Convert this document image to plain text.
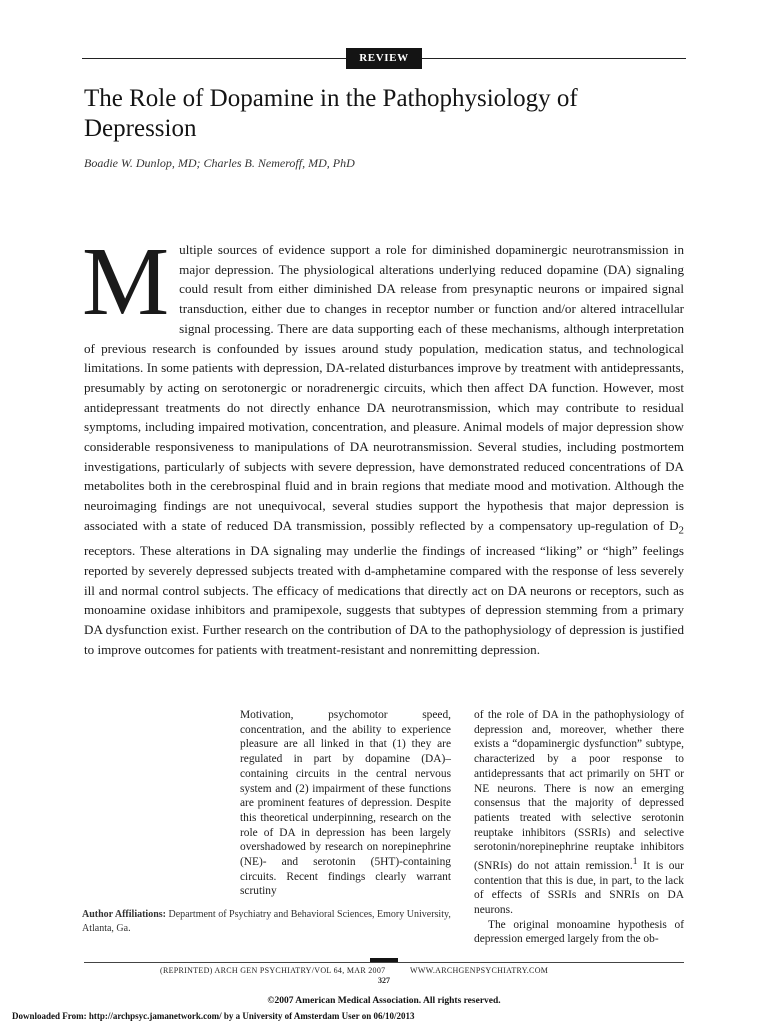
REVIEW
The Role of Dopamine in the Pathophysiology of Depression
Boadie W. Dunlop, MD; Charles B. Nemeroff, MD, PhD

Multiple sources of evidence support a role for diminished dopaminergic neurotransmission in major depression. The physiological alterations underlying reduced dopamine (DA) signaling could result from either diminished DA release from presynaptic neurons or impaired signal transduction, either due to changes in receptor number or function and/or altered intracellular signal processing. There are data supporting each of these mechanisms, although interpretation of previous research is confounded by issues around study population, medication status, and technological limitations. In some patients with depression, DA-related disturbances improve by treatment with antidepressants, presumably by acting on serotonergic or noradrenergic circuits, which then affect DA function. However, most antidepressant treatments do not directly enhance DA neurotransmission, which may contribute to residual symptoms, including impaired motivation, concentration, and pleasure. Animal models of major depression show considerable responsiveness to manipulations of DA neurotransmission. Several studies, including postmortem investigations, particularly of subjects with severe depression, have demonstrated reduced concentrations of DA metabolites both in the cerebrospinal fluid and in brain regions that mediate mood and motivation. Although the neuroimaging findings are not unequivocal, several studies support the hypothesis that major depression is associated with a state of reduced DA transmission, possibly reflected by a compensatory up-regulation of $D_2$ receptors. These alterations in DA signaling may underlie the findings of increased “liking” or “high” feelings reported by severely depressed subjects treated with d-amphetamine compared with the response of less severely ill and normal control subjects. The efficacy of medications that directly act on DA neurons or receptors, such as monoamine oxidase inhibitors and pramipexole, suggests that subtypes of depression stemming from a primary DA dysfunction exist. Further research on the contribution of DA to the pathophysiology of depression is justified to improve outcomes for patients with treatment-resistant and nonremitting depression.

Motivation, psychomotor speed, concentration, and the ability to experience pleasure are all linked in that (1) they are regulated in part by dopamine (DA)–containing circuits in the central nervous system and (2) impairment of these functions are prominent features of depression. Despite this theoretical underpinning, research on the role of DA in depression has been largely overshadowed by research on norepinephrine (NE)- and serotonin (5HT)-containing circuits. Recent findings clearly warrant scrutiny

of the role of DA in the pathophysiology of depression and, moreover, whether there exists a “dopaminergic dysfunction” subtype, characterized by a poor response to antidepressants that act primarily on 5HT or NE neurons. There is now an emerging consensus that the majority of depressed patients treated with selective serotonin reuptake inhibitors (SSRIs) and selective serotonin/norepinephrine reuptake inhibitors (SNRIs) do not attain remission.$^1$ It is our contention that this is due, in part, to the lack of effects of SSRIs and SNRIs on DA neurons.

The original monoamine hypothesis of depression emerged largely from the ob-

Author Affiliations: Department of Psychiatry and Behavioral Sciences, Emory University, Atlanta, Ga.
(REPRINTED) ARCH GEN PSYCHIATRY/VOL 64, MAR 2007	WWW.ARCHGENPSYCHIATRY.COM
327
©2007 American Medical Association. All rights reserved.
Downloaded From: http://archpsyc.jamanetwork.com/ by a University of Amsterdam User on 06/10/2013
